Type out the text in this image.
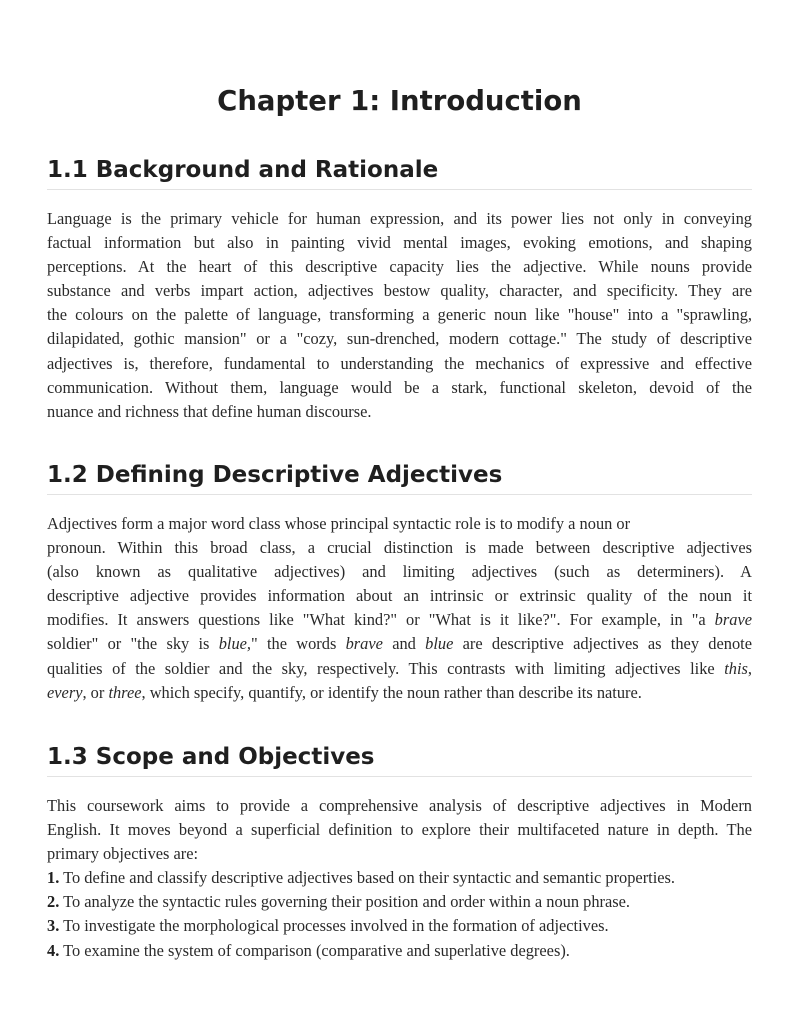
Chapter 1: Introduction
1.1 Background and Rationale
Language is the primary vehicle for human expression, and its power lies not only in conveying
factual information but also in painting vivid mental images, evoking emotions, and shaping
perceptions. At the heart of this descriptive capacity lies the adjective. While nouns provide
substance and verbs impart action, adjectives bestow quality, character, and specificity. They are
the colours on the palette of language, transforming a generic noun like "house" into a "sprawling,
dilapidated, gothic mansion" or a "cozy, sun-drenched, modern cottage." The study of descriptive
adjectives is, therefore, fundamental to understanding the mechanics of expressive and effective
communication. Without them, language would be a stark, functional skeleton, devoid of the
nuance and richness that define human discourse.
1.2 Defining Descriptive Adjectives
Adjectives form a major word class whose principal syntactic role is to modify a noun or
pronoun. Within this broad class, a crucial distinction is made between descriptive adjectives
(also known as qualitative adjectives) and limiting adjectives (such as determiners). A
descriptive adjective provides information about an intrinsic or extrinsic quality of the noun it
modifies. It answers questions like "What kind?" or "What is it like?". For example, in "a brave
soldier" or "the sky is blue," the words brave and blue are descriptive adjectives as they denote
qualities of the soldier and the sky, respectively. This contrasts with limiting adjectives like this,
every, or three, which specify, quantify, or identify the noun rather than describe its nature.
1.3 Scope and Objectives
This coursework aims to provide a comprehensive analysis of descriptive adjectives in Modern
English. It moves beyond a superficial definition to explore their multifaceted nature in depth. The
primary objectives are:
1. To define and classify descriptive adjectives based on their syntactic and semantic properties.
2. To analyze the syntactic rules governing their position and order within a noun phrase.
3. To investigate the morphological processes involved in the formation of adjectives.
4. To examine the system of comparison (comparative and superlative degrees).
